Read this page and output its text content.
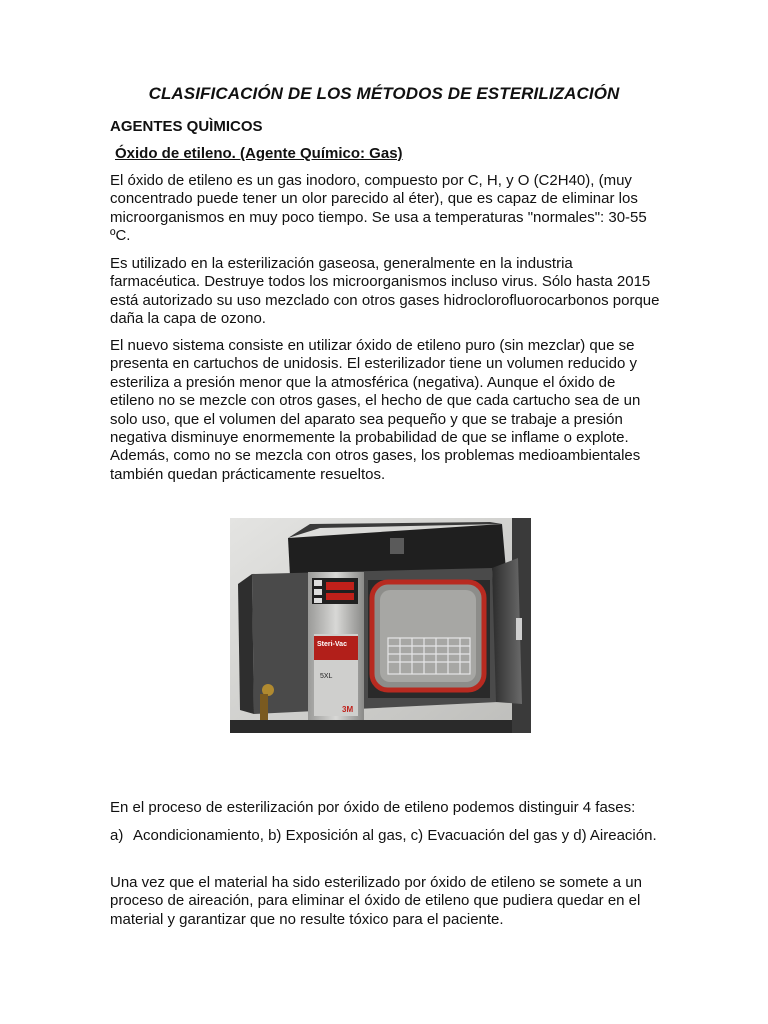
CLASIFICACIÓN DE LOS MÉTODOS DE ESTERILIZACIÓN
AGENTES QUÌMICOS
Óxido de etileno. (Agente Químico: Gas)
El óxido de etileno es un gas inodoro, compuesto por C, H, y O (C2H40), (muy concentrado puede tener un olor parecido al éter), que es capaz de eliminar los microorganismos en muy poco tiempo. Se usa a temperaturas "normales": 30-55 ºC.
Es utilizado en la esterilización gaseosa, generalmente en la industria farmacéutica. Destruye todos los microorganismos incluso virus. Sólo hasta 2015 está autorizado su uso mezclado con otros gases hidroclorofluorocarbonos porque daña la capa de ozono.
El nuevo sistema consiste en utilizar óxido de etileno puro (sin mezclar) que se presenta en cartuchos de unidosis. El esterilizador tiene un volumen reducido y esteriliza a presión menor que la atmosférica (negativa). Aunque el óxido de etileno no se mezcle con otros gases, el hecho de que cada cartucho sea de un solo uso, que el volumen del aparato sea pequeño y que se trabaje a presión negativa disminuye enormemente la probabilidad de que se inflame o explote. Además, como no se mezcla con otros gases, los problemas medioambientales también quedan prácticamente resueltos.
Steri-Vac
5XL
3M
En el proceso de esterilización por óxido de etileno podemos distinguir 4 fases:
a) Acondicionamiento, b) Exposición al gas, c) Evacuación del gas y d) Aireación.
Una vez que el material ha sido esterilizado por óxido de etileno se somete a un proceso de aireación, para eliminar el óxido de etileno que pudiera quedar en el material y garantizar que no resulte tóxico para el paciente.
